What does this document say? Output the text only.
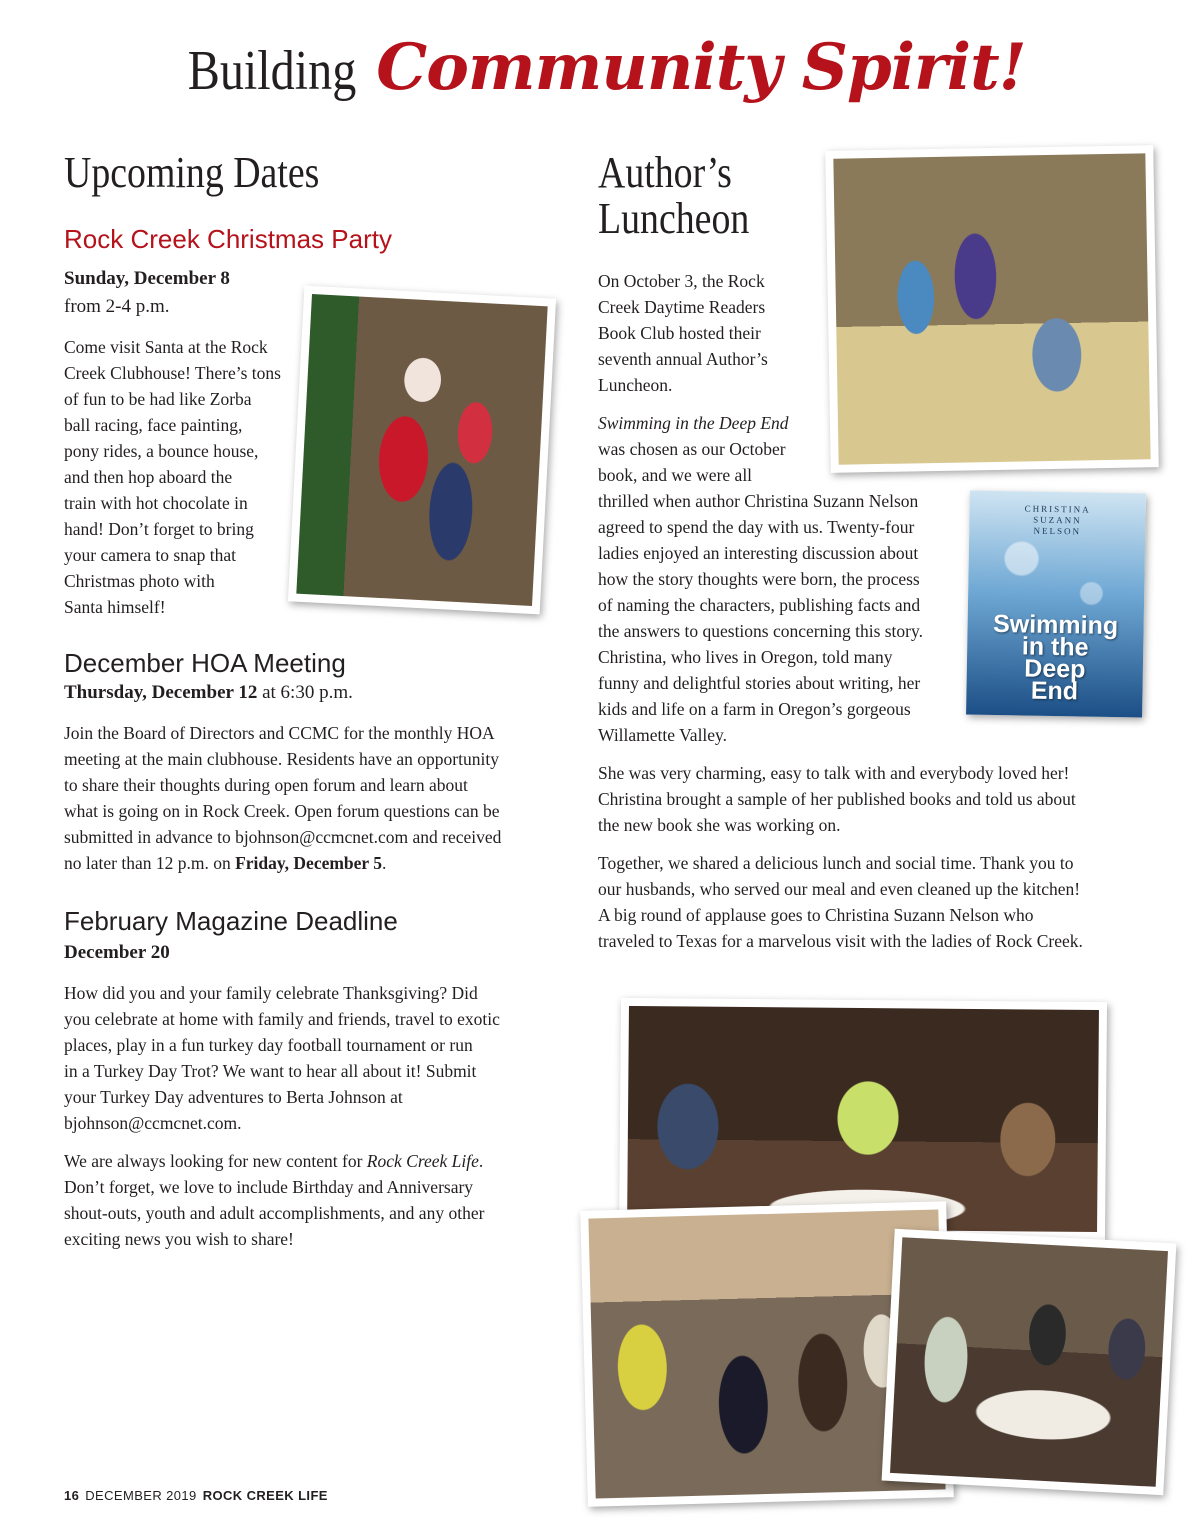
Building Community Spirit!
Upcoming Dates
Rock Creek Christmas Party
Sunday, December 8
from 2-4 p.m.
Come visit Santa at the Rock
Creek Clubhouse! There’s tons
of fun to be had like Zorba
ball racing, face painting,
pony rides, a bounce house,
and then hop aboard the
train with hot chocolate in
hand! Don’t forget to bring
your camera to snap that
Christmas photo with
Santa himself!
December HOA Meeting
Thursday, December 12 at 6:30 p.m.
Join the Board of Directors and CCMC for the monthly HOA
meeting at the main clubhouse. Residents have an opportunity
to share their thoughts during open forum and learn about
what is going on in Rock Creek. Open forum questions can be
submitted in advance to bjohnson@ccmcnet.com and received
no later than 12 p.m. on Friday, December 5.
February Magazine Deadline
December 20
How did you and your family celebrate Thanksgiving? Did
you celebrate at home with family and friends, travel to exotic
places, play in a fun turkey day football tournament or run
in a Turkey Day Trot? We want to hear all about it! Submit
your Turkey Day adventures to Berta Johnson at
bjohnson@ccmcnet.com.
We are always looking for new content for Rock Creek Life.
Don’t forget, we love to include Birthday and Anniversary
shout-outs, youth and adult accomplishments, and any other
exciting news you wish to share!
Author’s
Luncheon
On October 3, the Rock
Creek Daytime Readers
Book Club hosted their
seventh annual Author’s
Luncheon.
Swimming in the Deep End
was chosen as our October
book, and we were all
thrilled when author Christina Suzann Nelson
agreed to spend the day with us. Twenty-four
ladies enjoyed an interesting discussion about
how the story thoughts were born, the process
of naming the characters, publishing facts and
the answers to questions concerning this story.
Christina, who lives in Oregon, told many
funny and delightful stories about writing, her
kids and life on a farm in Oregon’s gorgeous
Willamette Valley.
She was very charming, easy to talk with and everybody loved her!
Christina brought a sample of her published books and told us about
the new book she was working on.
Together, we shared a delicious lunch and social time. Thank you to
our husbands, who served our meal and even cleaned up the kitchen!
A big round of applause goes to Christina Suzann Nelson who
traveled to Texas for a marvelous visit with the ladies of Rock Creek.
CHRISTINA
SUZANN
NELSON
Swimming
in the
Deep
End
16 DECEMBER 2019 ROCK CREEK LIFE
